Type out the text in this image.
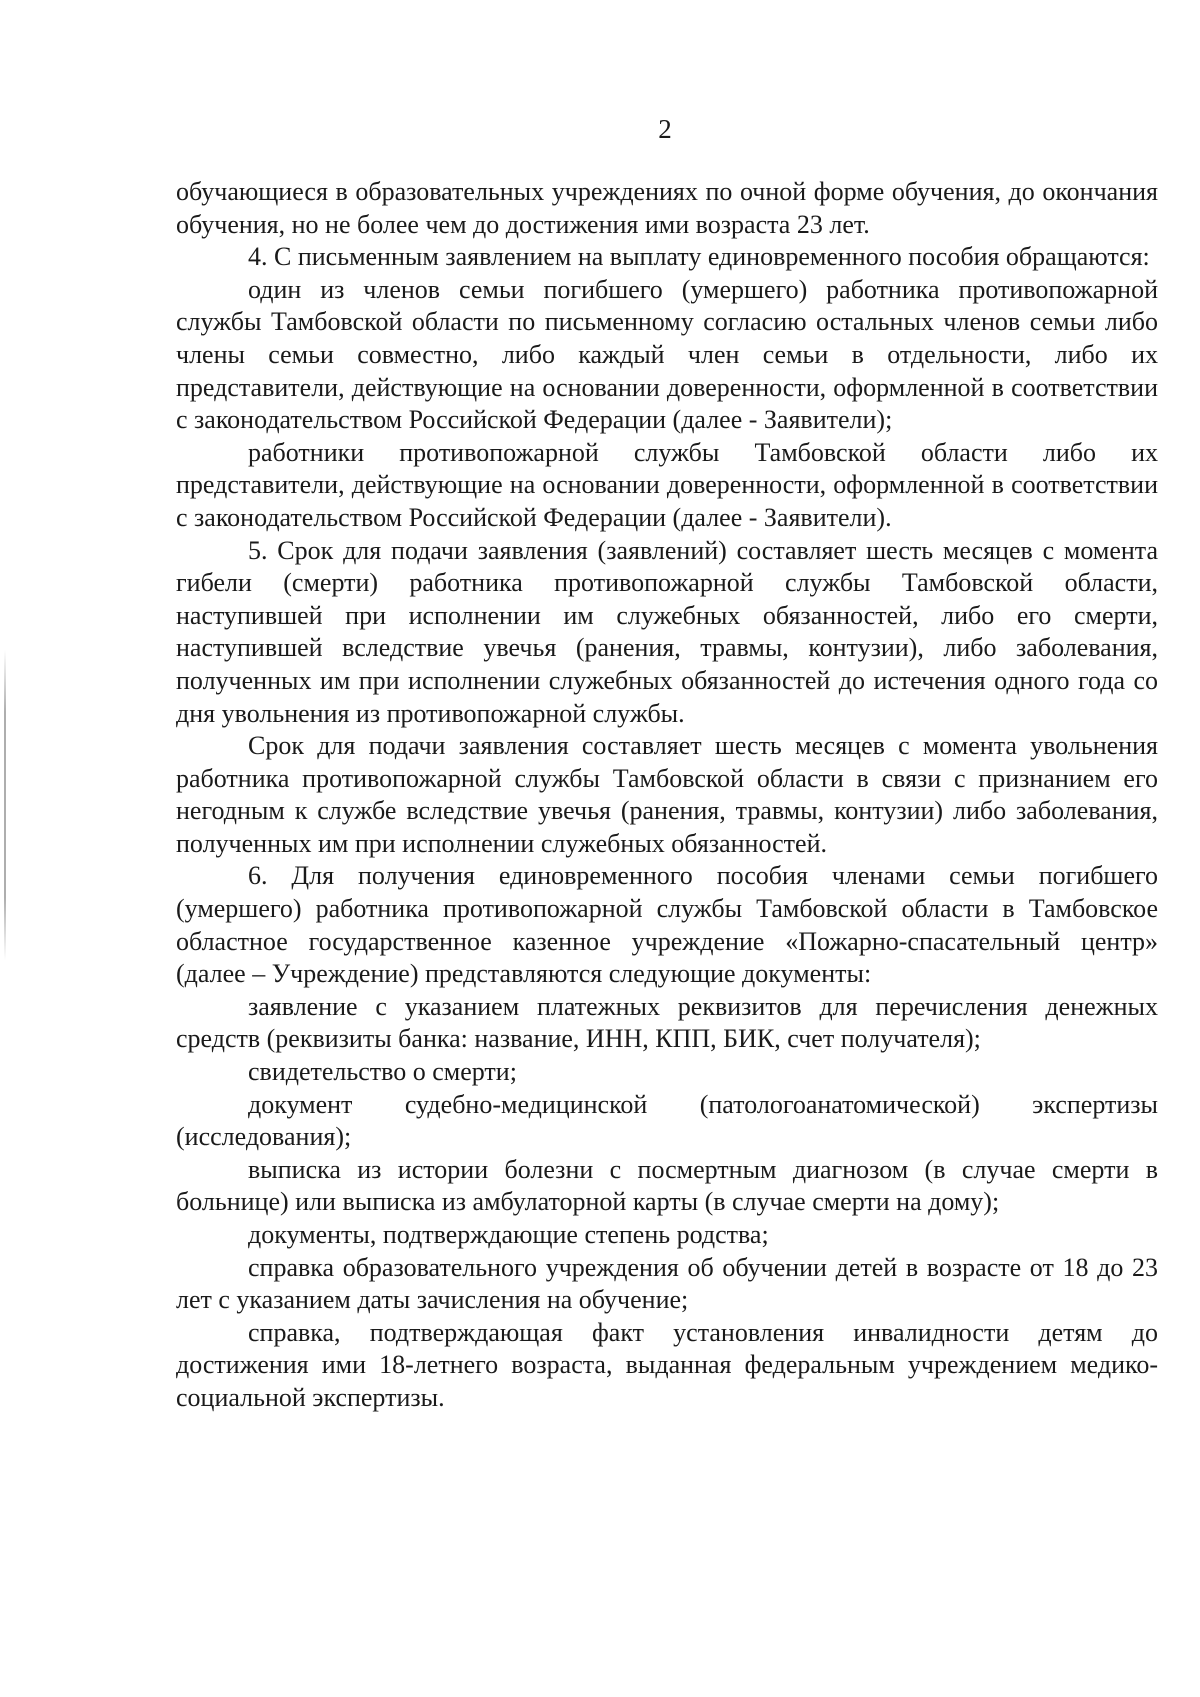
2

обучающиеся в образовательных учреждениях по очной форме обучения, до окончания обучения, но не более чем до достижения ими возраста 23 лет.

4. С письменным заявлением на выплату единовременного пособия обращаются:

один из членов семьи погибшего (умершего) работника противопожарной службы Тамбовской области по письменному согласию остальных членов семьи либо члены семьи совместно, либо каждый член семьи в отдельности, либо их представители, действующие на основании доверенности, оформленной в соответствии с законодательством Российской Федерации (далее - Заявители);

работники противопожарной службы Тамбовской области либо их представители, действующие на основании доверенности, оформленной в соответствии с законодательством Российской Федерации (далее - Заявители).

5. Срок для подачи заявления (заявлений) составляет шесть месяцев с момента гибели (смерти) работника противопожарной службы Тамбовской области, наступившей при исполнении им служебных обязанностей, либо его смерти, наступившей вследствие увечья (ранения, травмы, контузии), либо заболевания, полученных им при исполнении служебных обязанностей до истечения одного года со дня увольнения из противопожарной службы.

Срок для подачи заявления составляет шесть месяцев с момента увольнения работника противопожарной службы Тамбовской области в связи с признанием его негодным к службе вследствие увечья (ранения, травмы, контузии) либо заболевания, полученных им при исполнении служебных обязанностей.

6. Для получения единовременного пособия членами семьи погибшего (умершего) работника противопожарной службы Тамбовской области в Тамбовское областное государственное казенное учреждение «Пожарно-спасательный центр» (далее – Учреждение) представляются следующие документы:

заявление с указанием платежных реквизитов для перечисления денежных средств (реквизиты банка: название, ИНН, КПП, БИК, счет получателя);

свидетельство о смерти;

документ судебно-медицинской (патологоанатомической) экспертизы (исследования);

выписка из истории болезни с посмертным диагнозом (в случае смерти в больнице) или выписка из амбулаторной карты (в случае смерти на дому);

документы, подтверждающие степень родства;

справка образовательного учреждения об обучении детей в возрасте от 18 до 23 лет с указанием даты зачисления на обучение;

справка, подтверждающая факт установления инвалидности детям до достижения ими 18-летнего возраста, выданная федеральным учреждением медико-социальной экспертизы.
